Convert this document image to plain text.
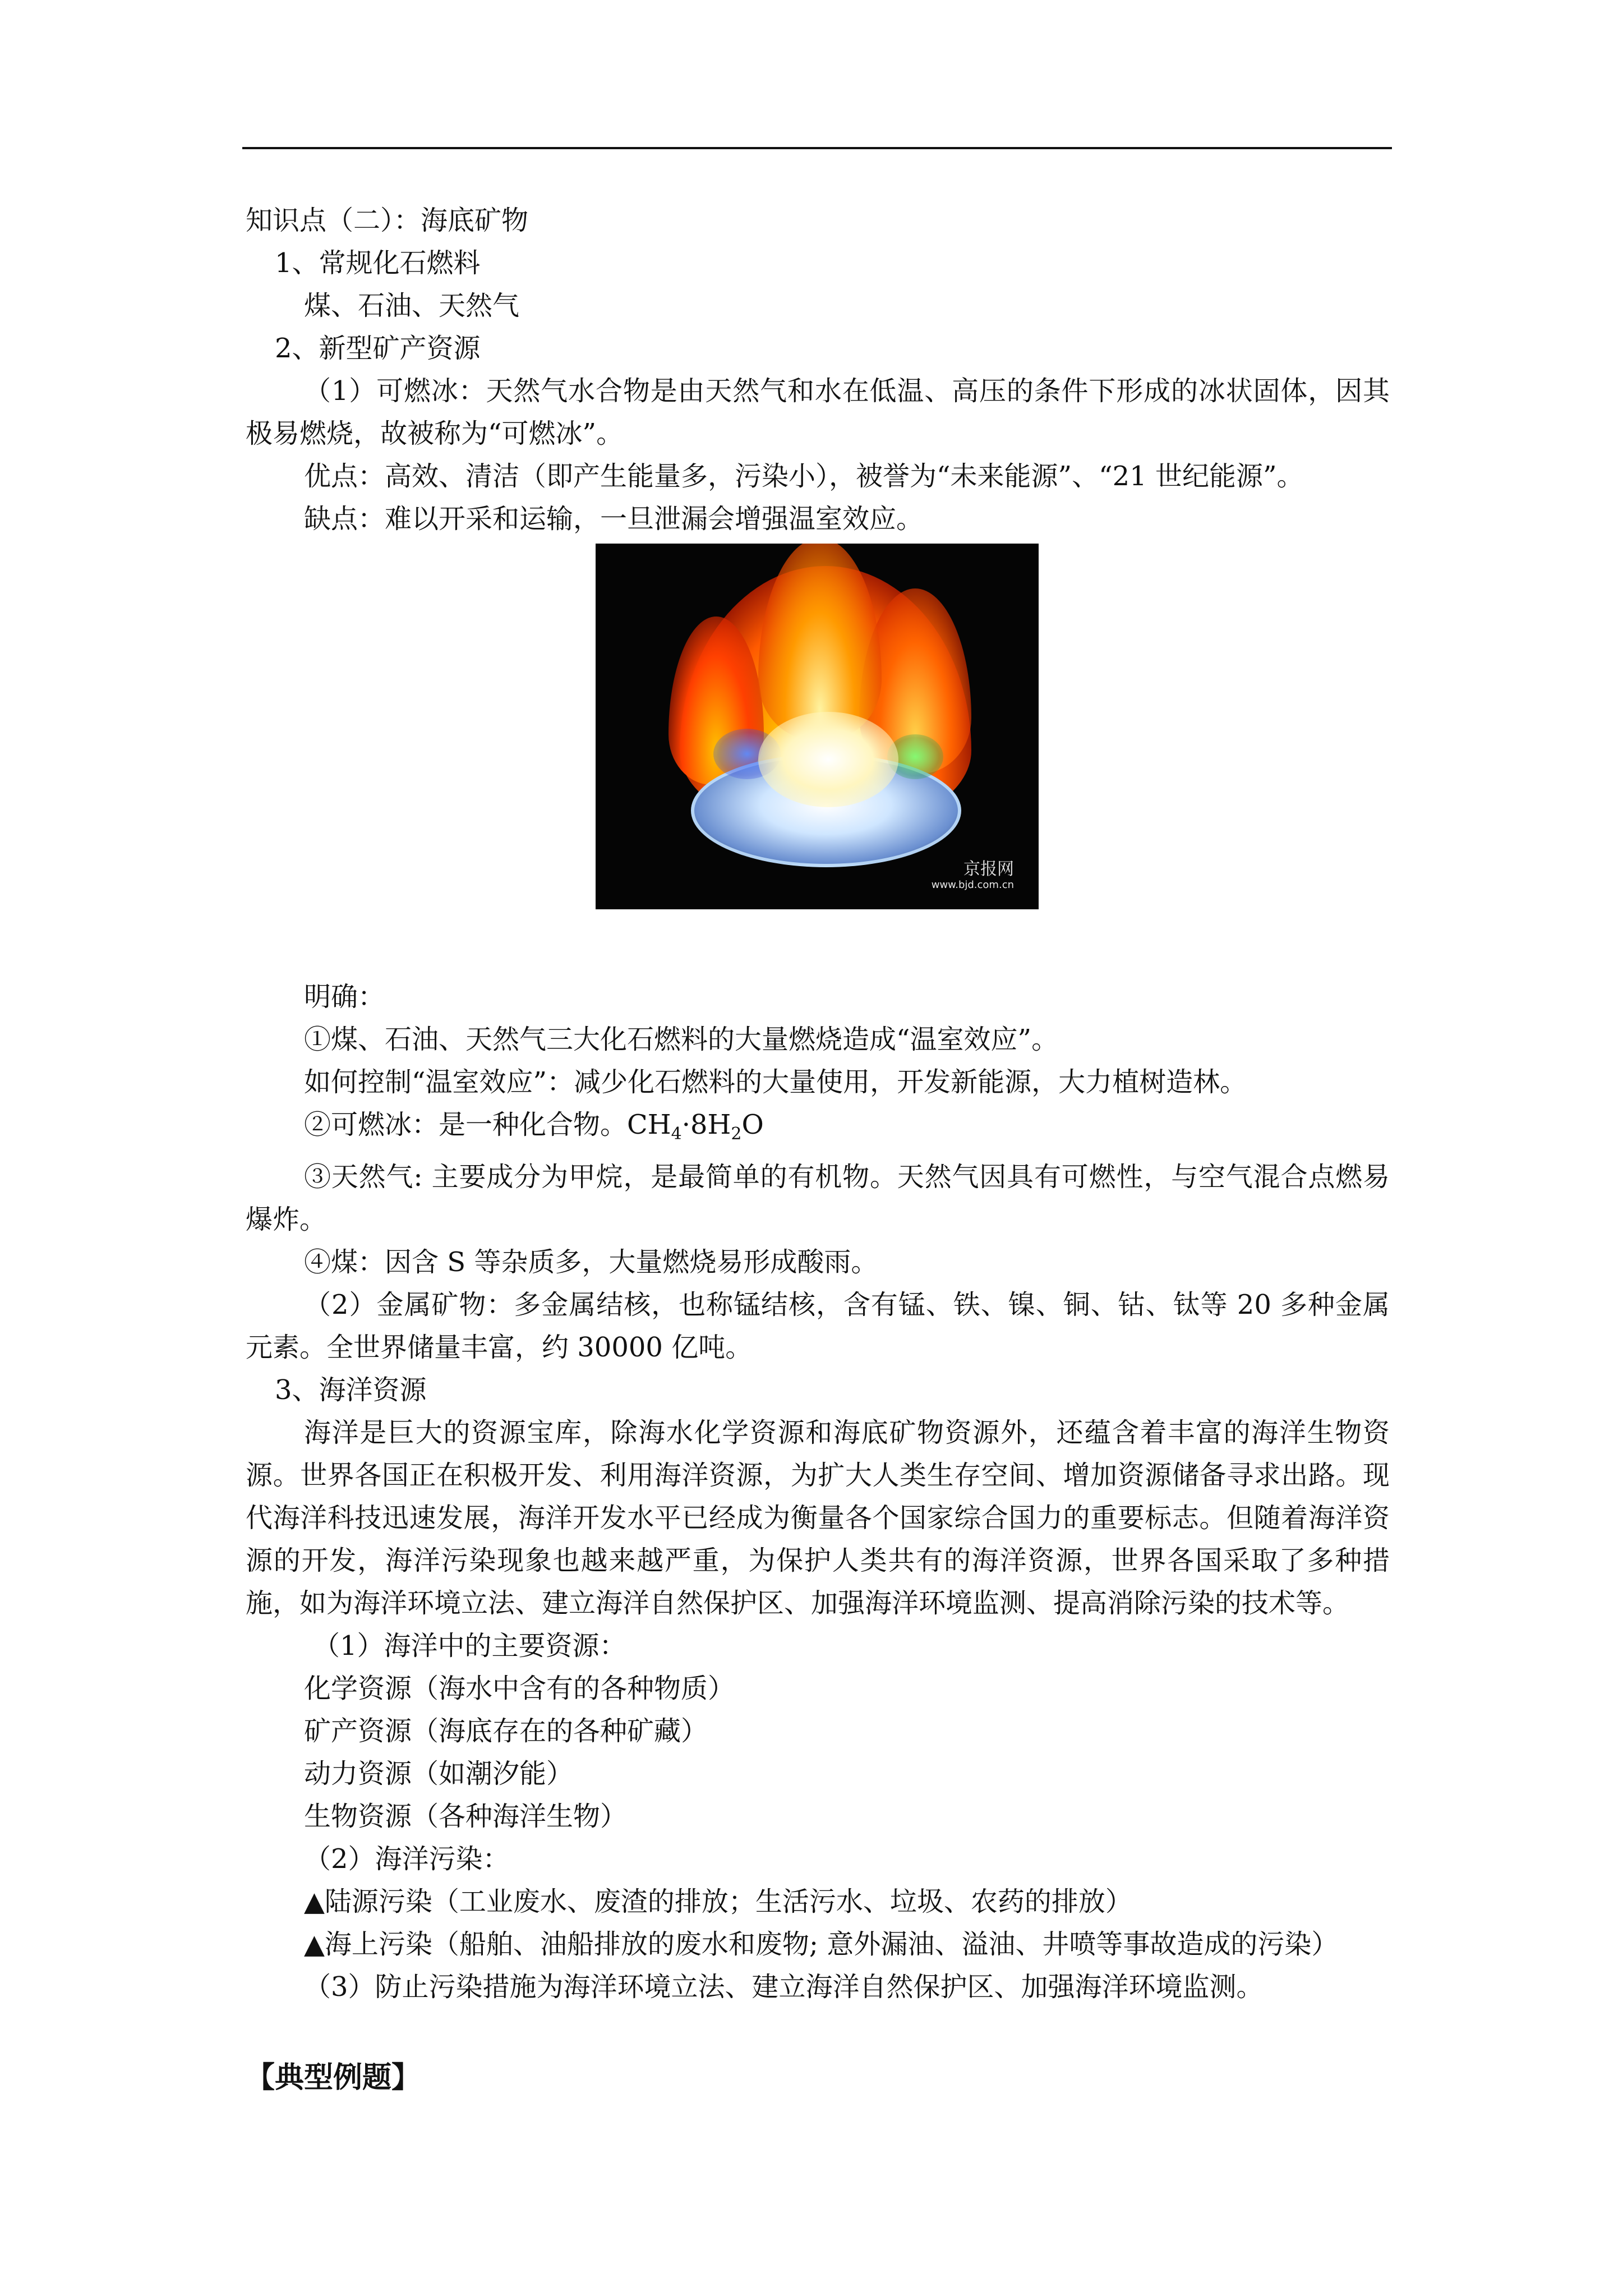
知识点（二）：海底矿物

1、常规化石燃料

煤、石油、天然气

2、新型矿产资源

（1）可燃冰：天然气水合物是由天然气和水在低温、高压的条件下形成的冰状固体，因其极易燃烧，故被称为“可燃冰”。

优点：高效、清洁（即产生能量多，污染小），被誉为“未来能源”、“21 世纪能源”。

缺点：难以开采和运输，一旦泄漏会增强温室效应。

京报网
www.bjd.com.cn

明确：

①煤、石油、天然气三大化石燃料的大量燃烧造成“温室效应”。

如何控制“温室效应”：减少化石燃料的大量使用，开发新能源，大力植树造林。

②可燃冰：是一种化合物。$CH_4\cdot 8H_2O$

③天然气: 主要成分为甲烷，是最简单的有机物。天然气因具有可燃性，与空气混合点燃易爆炸。

④煤：因含 S 等杂质多，大量燃烧易形成酸雨。

（2）金属矿物：多金属结核，也称锰结核，含有锰、铁、镍、铜、钴、钛等 20 多种金属元素。全世界储量丰富，约 30000 亿吨。

3、海洋资源

海洋是巨大的资源宝库，除海水化学资源和海底矿物资源外，还蕴含着丰富的海洋生物资源。世界各国正在积极开发、利用海洋资源，为扩大人类生存空间、增加资源储备寻求出路。现代海洋科技迅速发展，海洋开发水平已经成为衡量各个国家综合国力的重要标志。但随着海洋资源的开发，海洋污染现象也越来越严重，为保护人类共有的海洋资源，世界各国采取了多种措施，如为海洋环境立法、建立海洋自然保护区、加强海洋环境监测、提高消除污染的技术等。

（1）海洋中的主要资源：

化学资源（海水中含有的各种物质）

矿产资源（海底存在的各种矿藏）

动力资源（如潮汐能）

生物资源（各种海洋生物）

（2）海洋污染：

▲陆源污染（工业废水、废渣的排放；生活污水、垃圾、农药的排放）

▲海上污染（船舶、油船排放的废水和废物; 意外漏油、溢油、井喷等事故造成的污染）

（3）防止污染措施为海洋环境立法、建立海洋自然保护区、加强海洋环境监测。

【典型例题】
